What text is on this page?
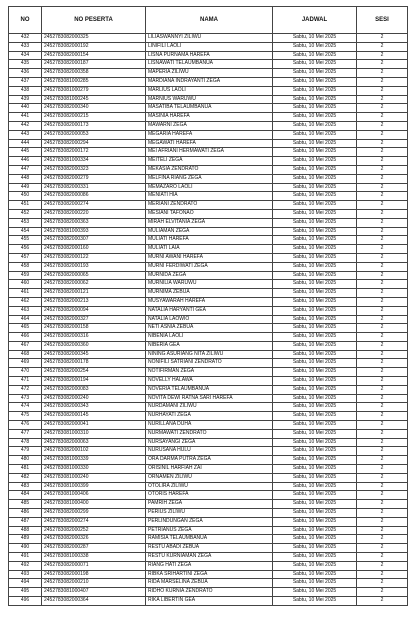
NO	NO PESERTA	NAMA	JADWAL	SESI
432	2452783082000325	LILIASWANNYI ZILIWU	Sabtu, 10 Mei 2025	2
433	2452783082000192	LINIFILI LAOLI	Sabtu, 10 Mei 2025	2
434	2452783082000154	LISNA PURNAMA HAREFA	Sabtu, 10 Mei 2025	2
435	2452783082000187	LISNAWATI TELAUMBANUA	Sabtu, 10 Mei 2025	2
436	2452783082000358	MAPERIA ZILIWU	Sabtu, 10 Mei 2025	2
437	2452783081000285	MARDIANA INDRAYANTI ZEGA	Sabtu, 10 Mei 2025	2
438	2452783081000279	MARLIUS LAOLI	Sabtu, 10 Mei 2025	2
439	2452783081000245	MARNIUS WARUWU	Sabtu, 10 Mei 2025	2
440	2452783082000340	MASATIBA TELAUMBANUA	Sabtu, 10 Mei 2025	2
441	2452783082000215	MASINIA HAREFA	Sabtu, 10 Mei 2025	2
442	2452783082000173	MAWARNI ZEGA	Sabtu, 10 Mei 2025	2
443	2452783082000053	MEGARIA HAREFA	Sabtu, 10 Mei 2025	2
444	2452783082000294	MEGAWATI HAREFA	Sabtu, 10 Mei 2025	2
445	2452783082000172	MEI AFRIANI HERMAWATI ZEGA	Sabtu, 10 Mei 2025	2
446	2452783081000334	MEITELI ZEGA	Sabtu, 10 Mei 2025	2
447	2452783082000323	MEKASIA ZENDRATO	Sabtu, 10 Mei 2025	2
448	2452783082000279	MELFINA RIANG ZEGA	Sabtu, 10 Mei 2025	2
449	2452783082000331	MEMAZARO LAOLI	Sabtu, 10 Mei 2025	2
450	2452783082000086	MENIATI HIA	Sabtu, 10 Mei 2025	2
451	2452783082000274	MERIANI ZENDRATO	Sabtu, 10 Mei 2025	2
452	2452783082000220	MESIANI TAFONAO	Sabtu, 10 Mei 2025	2
453	2452783082000363	MIRAH ELVITANIA ZEGA	Sabtu, 10 Mei 2025	2
454	2452783081000393	MULIAMAN ZEGA	Sabtu, 10 Mei 2025	2
455	2452783082000307	MULIATI HAREFA	Sabtu, 10 Mei 2025	2
456	2452783082000160	MULIATI LAIA	Sabtu, 10 Mei 2025	2
457	2452783082000122	MURNI AWANI HAREFA	Sabtu, 10 Mei 2025	2
458	2452783082000193	MURNI FERDIWATI ZEGA	Sabtu, 10 Mei 2025	2
459	2452783082000065	MURNIDA ZEGA	Sabtu, 10 Mei 2025	2
460	2452783082000062	MURNILIA WARUWU	Sabtu, 10 Mei 2025	2
461	2452783082000121	MURNIMA ZEBUA	Sabtu, 10 Mei 2025	2
462	2452783082000213	MUSYAWARAH HAREFA	Sabtu, 10 Mei 2025	2
463	2452783082000094	NATALIA HARYANTI GEA	Sabtu, 10 Mei 2025	2
464	2452783082000327	NATALIA LAOWIO	Sabtu, 10 Mei 2025	2
465	2452783082000158	NETI ASNIA ZEBUA	Sabtu, 10 Mei 2025	2
466	2452783082000316	NIBENIA LAOLI	Sabtu, 10 Mei 2025	2
467	2452783082000360	NIBERIA GEA	Sabtu, 10 Mei 2025	2
468	2452783082000345	NINING ASURIANG NITA ZILIWU	Sabtu, 10 Mei 2025	2
469	2452783082000178	NONIFILI SATRIANI ZENDRATO	Sabtu, 10 Mei 2025	2
470	2452783082000254	NOTIFIRMAN ZEGA	Sabtu, 10 Mei 2025	2
471	2452783082000194	NOVELLY HALAWA	Sabtu, 10 Mei 2025	2
472	2452783082000083	NOVERIA TELAUMBANUA	Sabtu, 10 Mei 2025	2
473	2452783082000240	NOVITA DEWI RATNA SARI HAREFA	Sabtu, 10 Mei 2025	2
474	2452783082000343	NURDAMANI ZILIWU	Sabtu, 10 Mei 2025	2
475	2452783082000145	NURHAYATI ZEGA	Sabtu, 10 Mei 2025	2
476	2452783082000041	NURILLANA DUHA	Sabtu, 10 Mei 2025	2
477	2452783081000310	NURMAWATI ZENDRATO	Sabtu, 10 Mei 2025	2
478	2452783082000063	NURSAYANGI ZEGA	Sabtu, 10 Mei 2025	2
479	2452783082000102	NURUSANA HULU	Sabtu, 10 Mei 2025	2
480	2452783081000339	ORA DARMA PUTRA ZEGA	Sabtu, 10 Mei 2025	2
481	2452783081000330	ORISINIL HARFIAH ZAI	Sabtu, 10 Mei 2025	2
482	2452783081000240	ORNAMEN ZILIWU	Sabtu, 10 Mei 2025	2
483	2452783081000399	OTOLIRA ZILIWU	Sabtu, 10 Mei 2025	2
484	2452783081000406	OTORIS HAREFA	Sabtu, 10 Mei 2025	2
485	2452783081000400	PAMRIH ZEGA	Sabtu, 10 Mei 2025	2
486	2452783082000299	PERIUS ZILIWU	Sabtu, 10 Mei 2025	2
487	2452783082000274	PERLINDUNGAN ZEGA	Sabtu, 10 Mei 2025	2
488	2452783082000252	PETRIANUS ZEGA	Sabtu, 10 Mei 2025	2
489	2452783082000326	RAMISIA TELAUMBANUA	Sabtu, 10 Mei 2025	2
490	2452783082000287	RESTU ABADI ZEBUA	Sabtu, 10 Mei 2025	2
491	2452783081000338	RESTU KURNIAMAN ZEGA	Sabtu, 10 Mei 2025	2
492	2452783082000071	RIANG HATI ZEGA	Sabtu, 10 Mei 2025	2
493	2452783082000198	RIBKA SRIHARTINI ZEGA	Sabtu, 10 Mei 2025	2
494	2452783082000210	RIDA MARSELINA ZEBUA	Sabtu, 10 Mei 2025	2
495	2452783081000407	RIDHO KURNIA ZENDRATO	Sabtu, 10 Mei 2025	2
496	2452783082000364	RIKA LIBERTIN GEA	Sabtu, 10 Mei 2025	2
